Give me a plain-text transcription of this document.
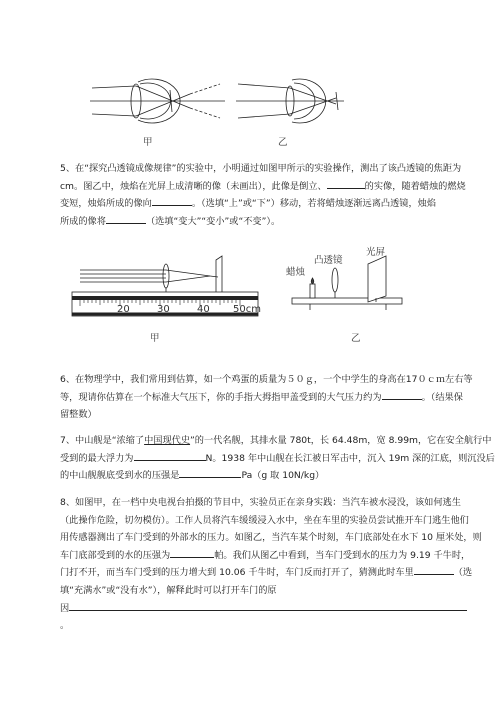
甲	乙
5、在“探究凸透镜成像规律”的实验中，小明通过如图甲所示的实验操作，测出了该凸透镜的焦距为
cm。图乙中，烛焰在光屏上成清晰的像（未画出），此像是倒立、	的实像，随着蜡烛的燃烧
变短，烛焰所成的像向	。（选填“上”或“下”）移动，若将蜡烛逐渐远离凸透镜，烛焰
所成的像将	（选填“变大”“变小”或“不变”）。
20	30	40 50cm
甲
蜡烛
凸透镜
光屏
乙
6、在物理学中，我们常用到估算，如一个鸡蛋的质量为５０ｇ，一个中学生的身高在17０ｃｍ左右等
等，现请你估算在一个标准大气压下，你的手指大拇指甲盖受到的大气压力约为	。（结果保
留整数）
7、中山舰是“浓缩了中国现代史”的一代名舰，其排水量 780t，长 64.48m，宽 8.99m，它在安全航行中
受到的最大浮力为	N。1938 年中山舰在长江被日军击中，沉入 19m 深的江底，则沉没后
的中山舰舰底受到水的压强是	Pa（g 取 10N/kg）
8、如图甲，在一档中央电视台拍摄的节目中，实验员正在亲身实践：当汽车被水浸没，该如何逃生
（此操作危险，切勿模仿）。工作人员将汽车缓缓浸入水中，坐在车里的实验员尝试推开车门逃生他们
用传感器测出了车门受到的外部水的压力。如图乙，当汽车某个时刻，车门底部处在水下 10 厘米处，则
车门底部受到的水的压强为	帕。我们从图乙中看到，当车门受到水的压力为 9.19 千牛时，
门打不开，而当车门受到的压力增大到 10.06 千牛时，车门反而打开了，猜测此时车里	（选
填“充满水”或“没有水”），解释此时可以打开车门的原
因
。
